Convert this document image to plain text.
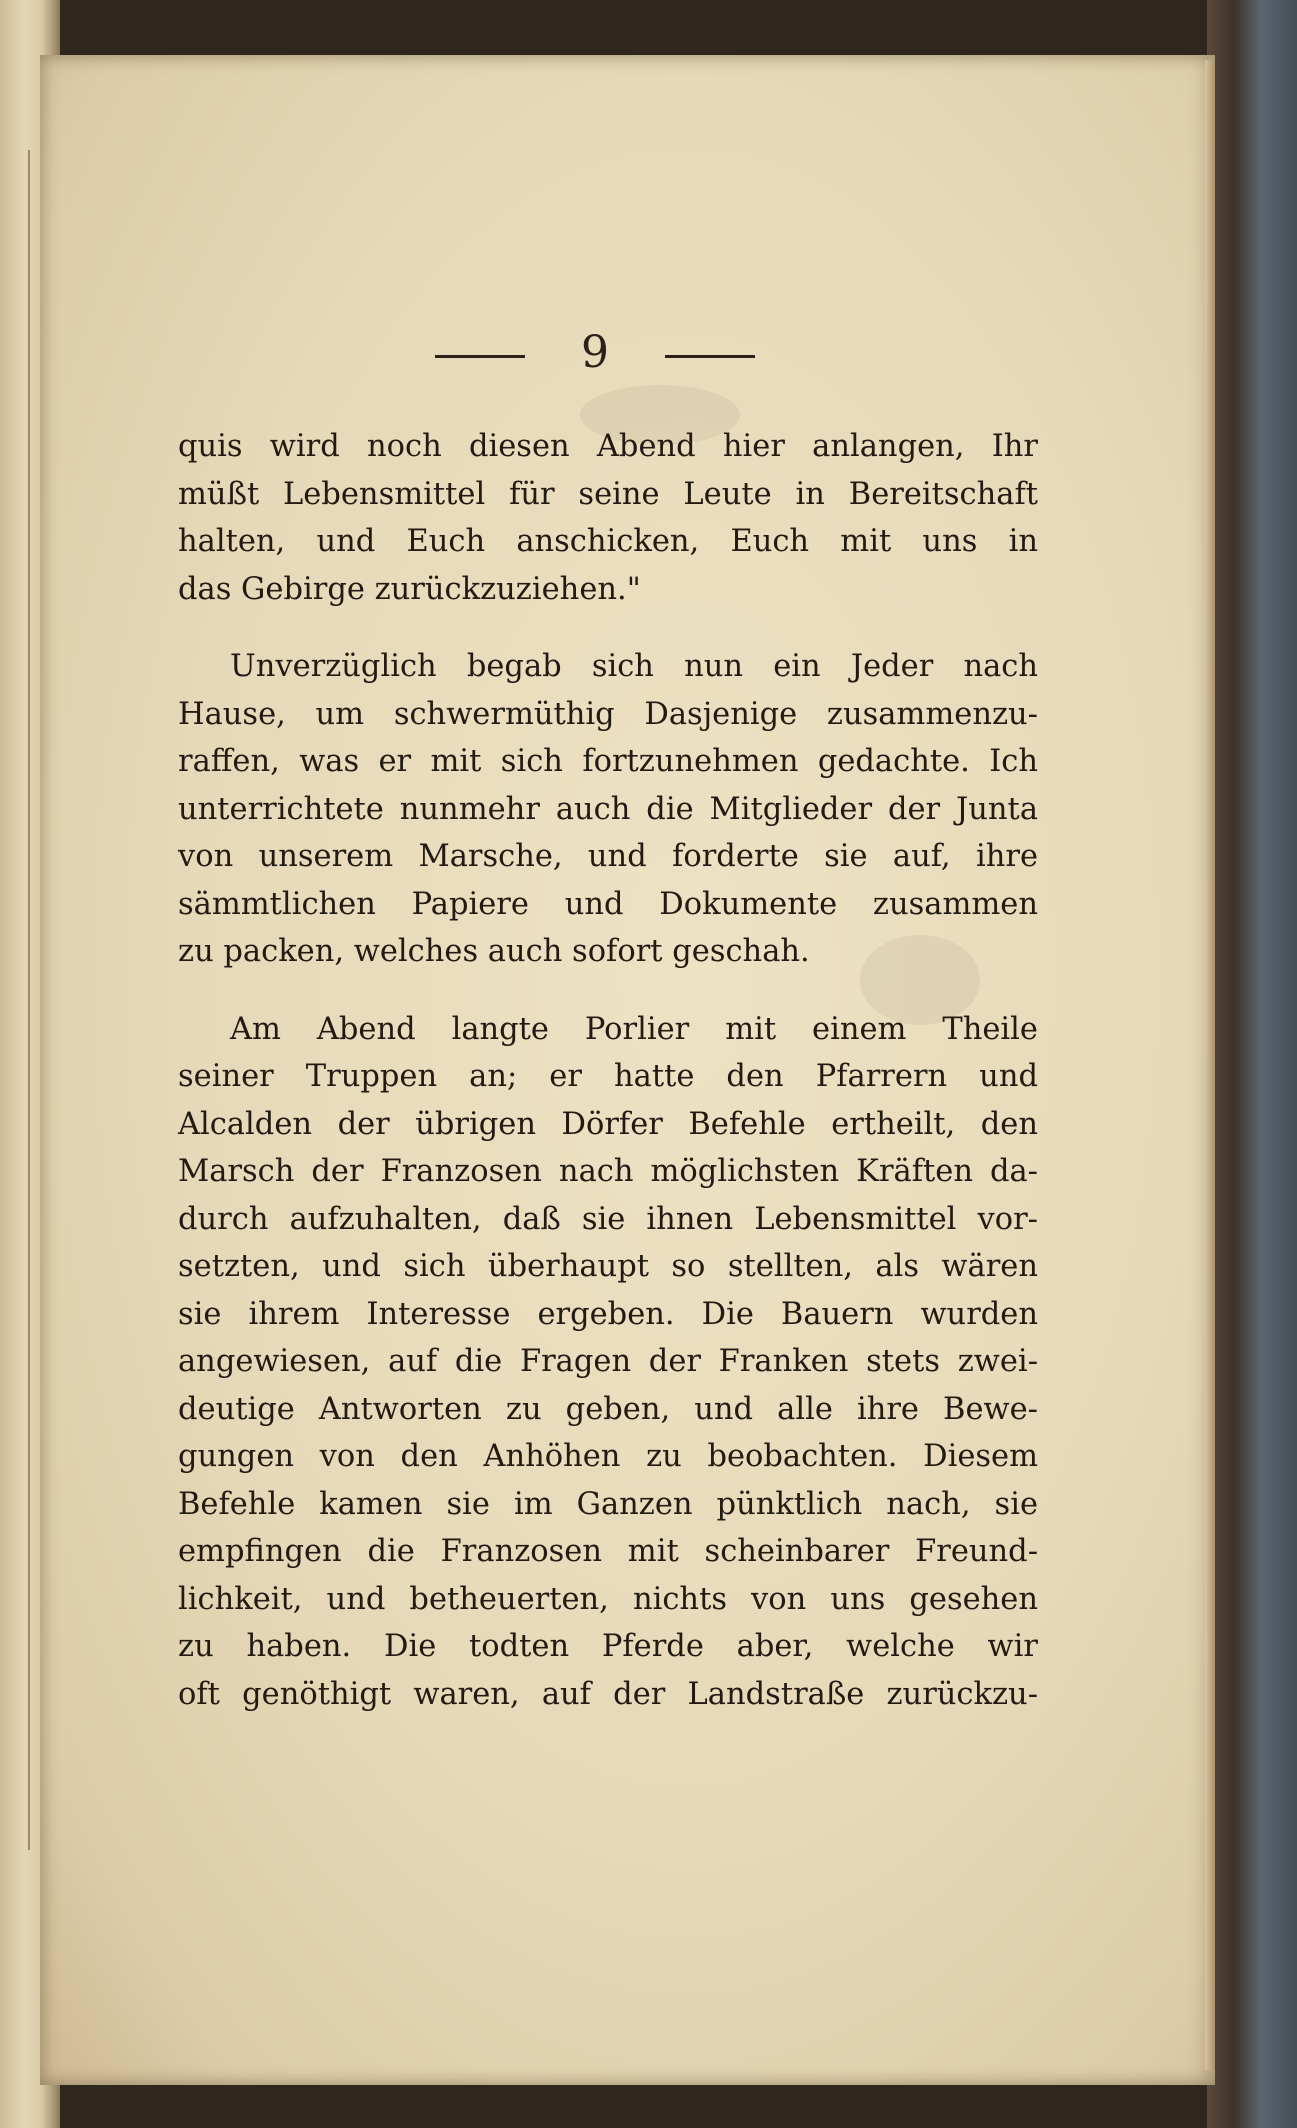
9
quis wird noch diesen Abend hier anlangen, Ihr
müßt Lebensmittel für seine Leute in Bereitschaft
halten, und Euch anschicken, Euch mit uns in
das Gebirge zurückzuziehen."
Unverzüglich begab sich nun ein Jeder nach
Hause, um schwermüthig Dasjenige zusammenzu-
raffen, was er mit sich fortzunehmen gedachte. Ich
unterrichtete nunmehr auch die Mitglieder der Junta
von unserem Marsche, und forderte sie auf, ihre
sämmtlichen Papiere und Dokumente zusammen
zu packen, welches auch sofort geschah.
Am Abend langte Porlier mit einem Theile
seiner Truppen an; er hatte den Pfarrern und
Alcalden der übrigen Dörfer Befehle ertheilt, den
Marsch der Franzosen nach möglichsten Kräften da-
durch aufzuhalten, daß sie ihnen Lebensmittel vor-
setzten, und sich überhaupt so stellten, als wären
sie ihrem Interesse ergeben. Die Bauern wurden
angewiesen, auf die Fragen der Franken stets zwei-
deutige Antworten zu geben, und alle ihre Bewe-
gungen von den Anhöhen zu beobachten. Diesem
Befehle kamen sie im Ganzen pünktlich nach, sie
empfingen die Franzosen mit scheinbarer Freund-
lichkeit, und betheuerten, nichts von uns gesehen
zu haben. Die todten Pferde aber, welche wir
oft genöthigt waren, auf der Landstraße zurückzu-
